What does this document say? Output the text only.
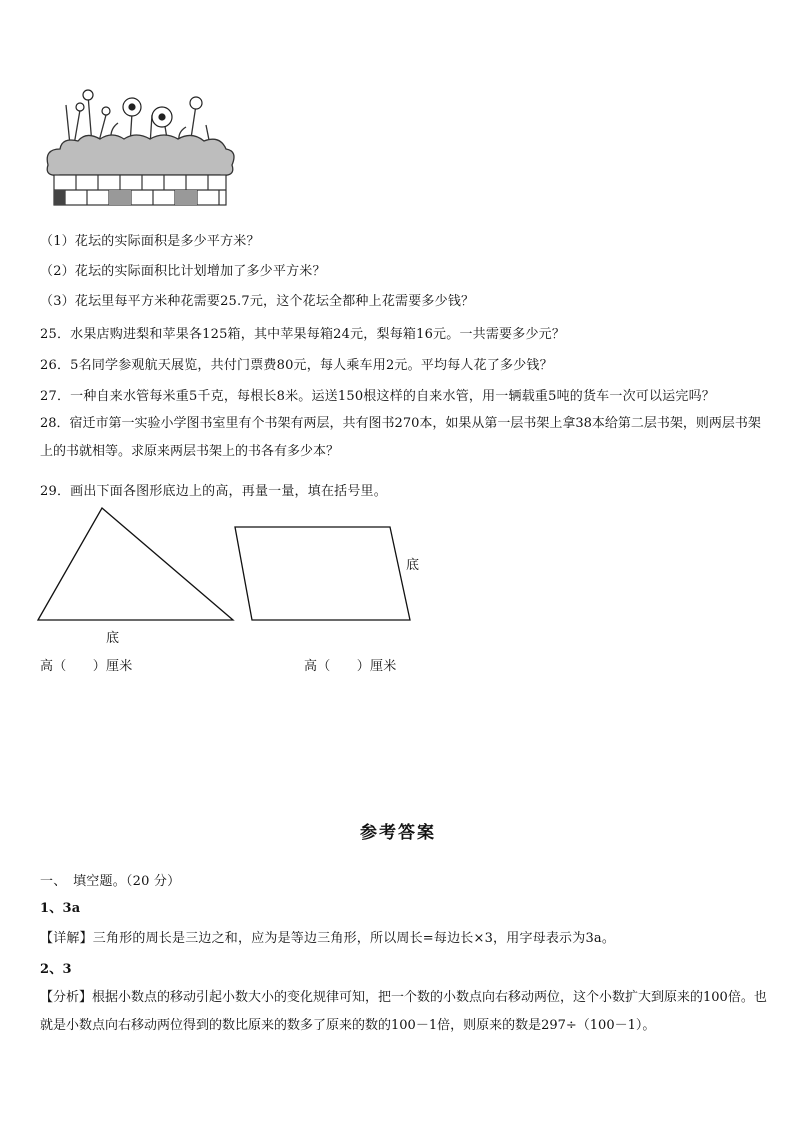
（1）花坛的实际面积是多少平方米？
（2）花坛的实际面积比计划增加了多少平方米？
（3）花坛里每平方米种花需要25.7元，这个花坛全都种上花需要多少钱？
25．水果店购进梨和苹果各125箱，其中苹果每箱24元，梨每箱16元。一共需要多少元？
26．5名同学参观航天展览，共付门票费80元，每人乘车用2元。平均每人花了多少钱？
27．一种自来水管每米重5千克，每根长8米。运送150根这样的自来水管，用一辆载重5吨的货车一次可以运完吗？
28．宿迁市第一实验小学图书室里有个书架有两层，共有图书270本，如果从第一层书架上拿38本给第二层书架，则两层书架上的书就相等。求原来两层书架上的书各有多少本？
29．画出下面各图形底边上的高，再量一量，填在括号里。
底
底
高（　　）厘米	高（　　）厘米
参考答案
一、　填空题。（20 分）
1、3a
【详解】三角形的周长是三边之和，应为是等边三角形，所以周长=每边长×3，用字母表示为3a。
2、3
【分析】根据小数点的移动引起小数大小的变化规律可知，把一个数的小数点向右移动两位，这个小数扩大到原来的100倍。也就是小数点向右移动两位得到的数比原来的数多了原来的数的100－1倍，则原来的数是297÷（100－1）。
